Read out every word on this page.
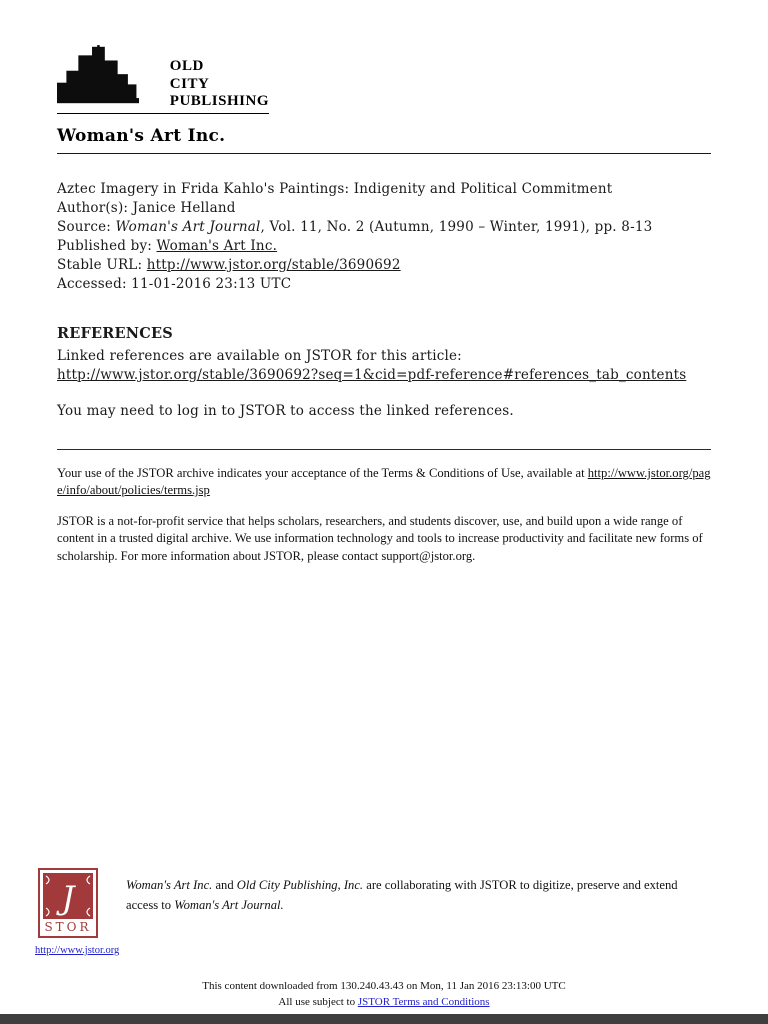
OLD
CITY
PUBLISHING
Woman's Art Inc.
Aztec Imagery in Frida Kahlo's Paintings: Indigenity and Political Commitment
Author(s): Janice Helland
Source: Woman's Art Journal, Vol. 11, No. 2 (Autumn, 1990 – Winter, 1991), pp. 8-13
Published by: Woman's Art Inc.
Stable URL: http://www.jstor.org/stable/3690692
Accessed: 11-01-2016 23:13 UTC
REFERENCES
Linked references are available on JSTOR for this article:
http://www.jstor.org/stable/3690692?seq=1&cid=pdf-reference#references_tab_contents
You may need to log in to JSTOR to access the linked references.

Your use of the JSTOR archive indicates your acceptance of the Terms & Conditions of Use, available at http://www.jstor.org/page/info/about/policies/terms.jsp

JSTOR is a not-for-profit service that helps scholars, researchers, and students discover, use, and build upon a wide range of content in a trusted digital archive. We use information technology and tools to increase productivity and facilitate new forms of scholarship. For more information about JSTOR, please contact support@jstor.org.

J
STOR
http://www.jstor.org
Woman's Art Inc. and Old City Publishing, Inc. are collaborating with JSTOR to digitize, preserve and extend access to Woman's Art Journal.
This content downloaded from 130.240.43.43 on Mon, 11 Jan 2016 23:13:00 UTC
All use subject to JSTOR Terms and Conditions
